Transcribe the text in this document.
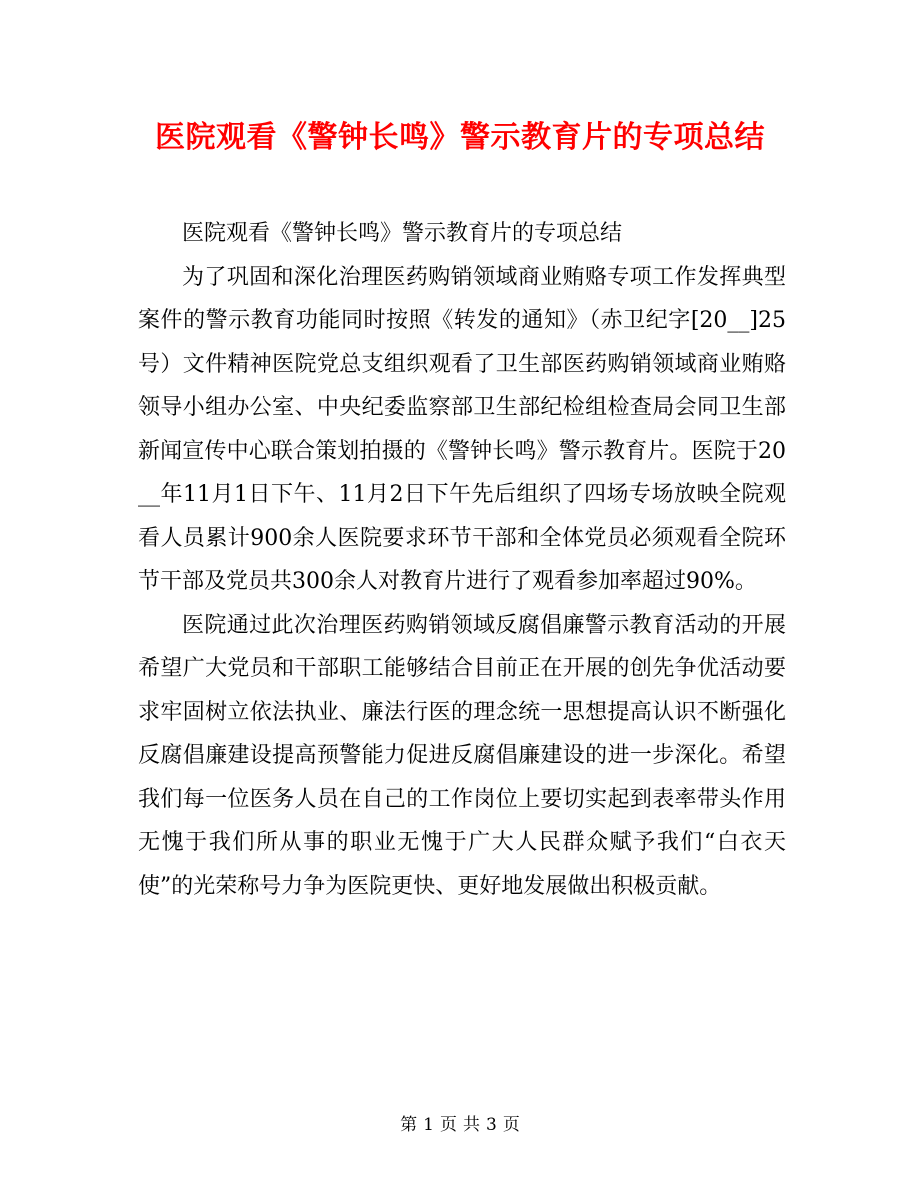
医院观看《警钟长鸣》警示教育片的专项总结

医院观看《警钟长鸣》警示教育片的专项总结

为了巩固和深化治理医药购销领域商业贿赂专项工作发挥典型案件的警示教育功能同时按照《转发的通知》（赤卫纪字[20__]25号）文件精神医院党总支组织观看了卫生部医药购销领域商业贿赂领导小组办公室、中央纪委监察部卫生部纪检组检查局会同卫生部新闻宣传中心联合策划拍摄的《警钟长鸣》警示教育片。医院于20__年11月1日下午、11月2日下午先后组织了四场专场放映全院观看人员累计900余人医院要求环节干部和全体党员必须观看全院环节干部及党员共300余人对教育片进行了观看参加率超过90%。

医院通过此次治理医药购销领域反腐倡廉警示教育活动的开展希望广大党员和干部职工能够结合目前正在开展的创先争优活动要求牢固树立依法执业、廉法行医的理念统一思想提高认识不断强化反腐倡廉建设提高预警能力促进反腐倡廉建设的进一步深化。希望我们每一位医务人员在自己的工作岗位上要切实起到表率带头作用无愧于我们所从事的职业无愧于广大人民群众赋予我们“白衣天使”的光荣称号力争为医院更快、更好地发展做出积极贡献。

第 1 页 共 3 页
